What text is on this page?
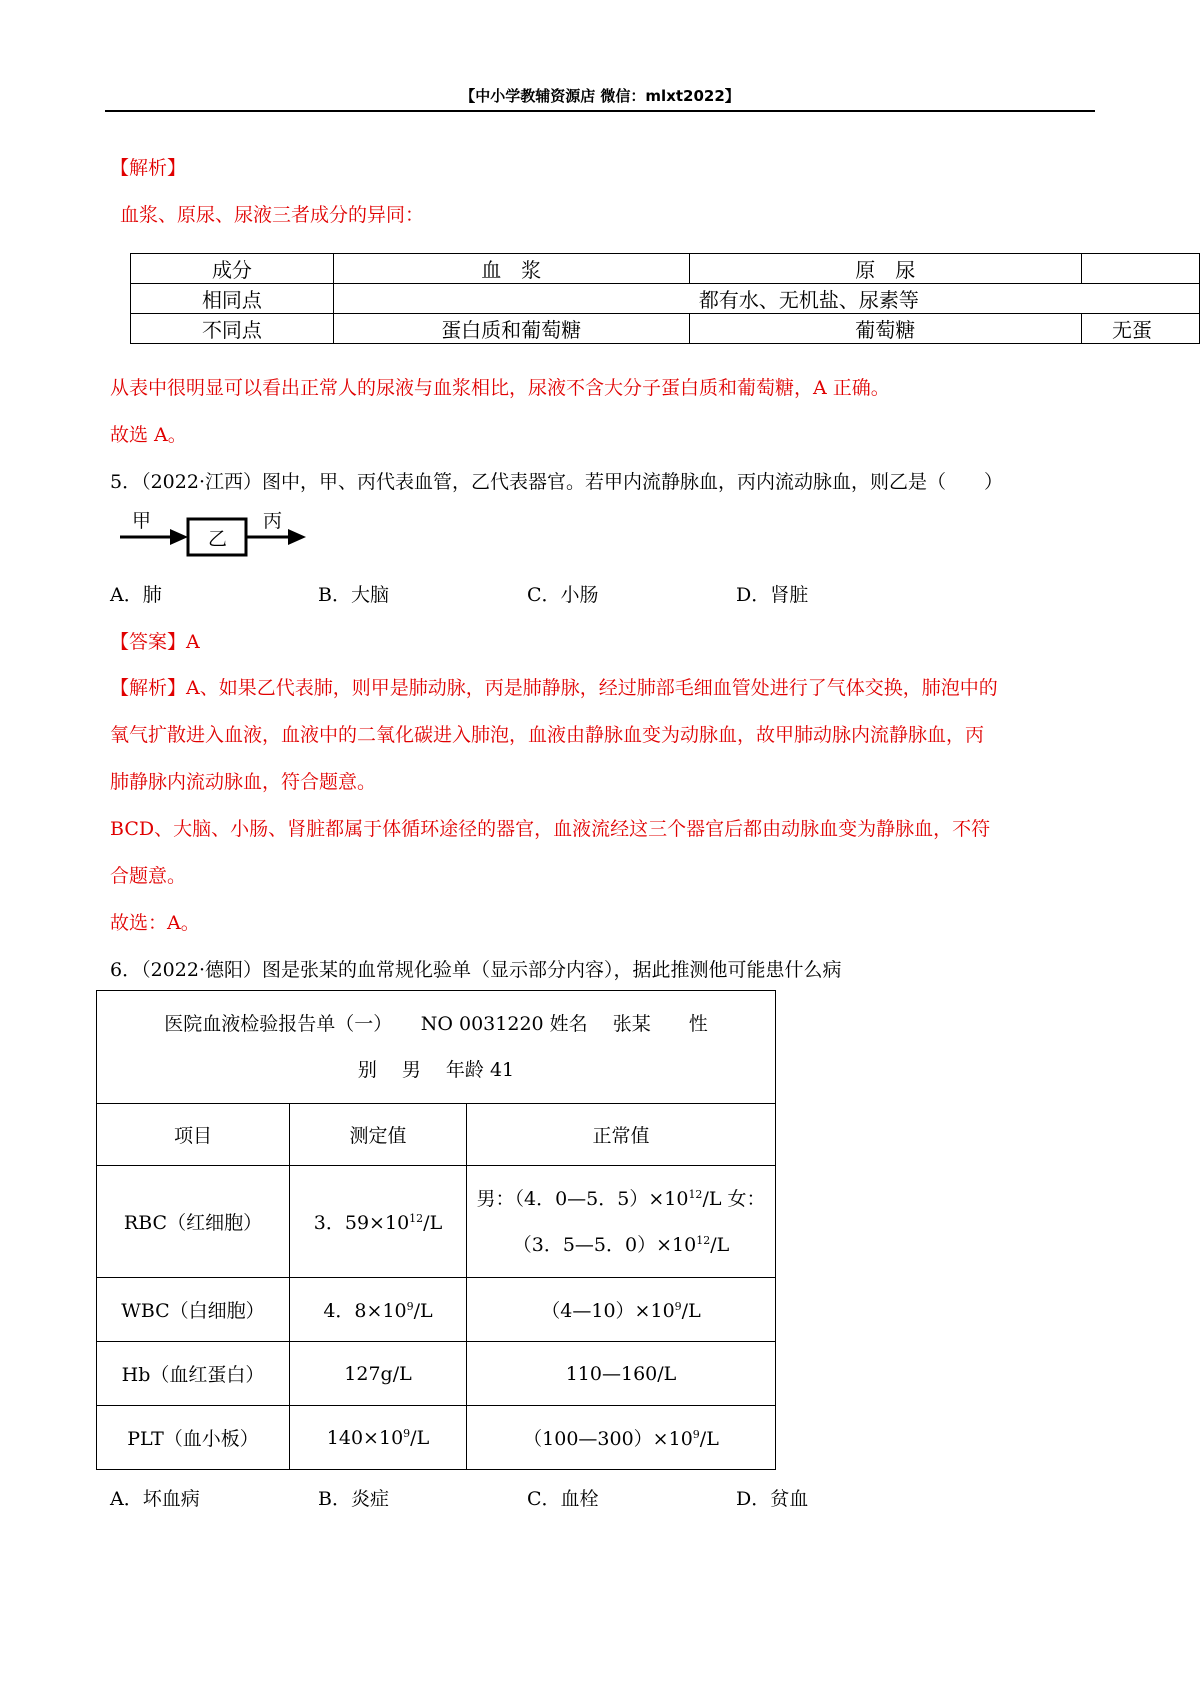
【中小学教辅资源店 微信：mlxt2022】
【解析】
血浆、原尿、尿液三者成分的异同：
成分	血　浆	原　尿	
相同点	都有水、无机盐、尿素等		
不同点	蛋白质和葡萄糖	葡萄糖	无蛋
从表中很明显可以看出正常人的尿液与血浆相比，尿液不含大分子蛋白质和葡萄糖，A 正确。
故选 A。
5．（2022·江西）图中，甲、丙代表血管，乙代表器官。若甲内流静脉血，丙内流动脉血，则乙是（　　）
甲
乙
丙
A．肺	B．大脑	C．小肠	D．肾脏
【答案】A
【解析】A、如果乙代表肺，则甲是肺动脉，丙是肺静脉，经过肺部毛细血管处进行了气体交换，肺泡中的
氧气扩散进入血液，血液中的二氧化碳进入肺泡，血液由静脉血变为动脉血，故甲肺动脉内流静脉血，丙
肺静脉内流动脉血，符合题意。
BCD、大脑、小肠、肾脏都属于体循环途径的器官，血液流经这三个器官后都由动脉血变为静脉血，不符
合题意。
故选：A。
6．（2022·德阳）图是张某的血常规化验单（显示部分内容），据此推测他可能患什么病
医院血液检验报告单（一）　　NO 0031220 姓名　 张某　　性
别　 男　 年龄 41		
项目	测定值	正常值
RBC（红细胞）	3．$59\times 10^{12}/L$	男：（4．0—5．$5)\times 10^{12}/L$ 女：
（3．5—5．$0)\times 10^{12}/L$
WBC（白细胞）	4．$8\times 10^9/L$	$(4—10)\times 10^9/L$
Hb（血红蛋白）	127g/L	110—160/L
PLT（血小板）	$140\times 10^9/L$	$(100—300)\times 10^9/L$
A．坏血病	B．炎症	C．血栓	D．贫血
